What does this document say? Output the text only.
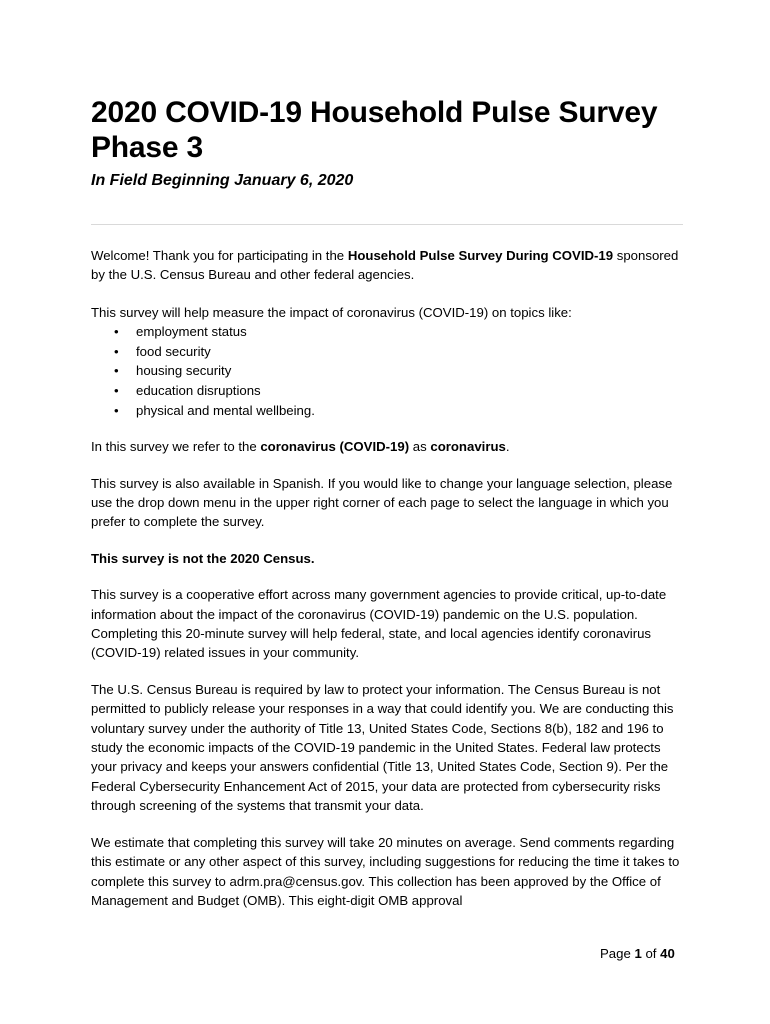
2020 COVID-19 Household Pulse Survey
Phase 3

In Field Beginning January 6, 2020

Welcome! Thank you for participating in the Household Pulse Survey During COVID-19 sponsored by the U.S. Census Bureau and other federal agencies.

This survey will help measure the impact of coronavirus (COVID-19) on topics like:

• employment status
• food security
• housing security
• education disruptions
• physical and mental wellbeing.

In this survey we refer to the coronavirus (COVID-19) as coronavirus.

This survey is also available in Spanish. If you would like to change your language selection, please use the drop down menu in the upper right corner of each page to select the language in which you prefer to complete the survey.

This survey is not the 2020 Census.

This survey is a cooperative effort across many government agencies to provide critical, up-to-date information about the impact of the coronavirus (COVID-19) pandemic on the U.S. population. Completing this 20-minute survey will help federal, state, and local agencies identify coronavirus (COVID-19) related issues in your community.

The U.S. Census Bureau is required by law to protect your information. The Census Bureau is not permitted to publicly release your responses in a way that could identify you. We are conducting this voluntary survey under the authority of Title 13, United States Code, Sections 8(b), 182 and 196 to study the economic impacts of the COVID-19 pandemic in the United States. Federal law protects your privacy and keeps your answers confidential (Title 13, United States Code, Section 9). Per the Federal Cybersecurity Enhancement Act of 2015, your data are protected from cybersecurity risks through screening of the systems that transmit your data.

We estimate that completing this survey will take 20 minutes on average. Send comments regarding this estimate or any other aspect of this survey, including suggestions for reducing the time it takes to complete this survey to adrm.pra@census.gov. This collection has been approved by the Office of Management and Budget (OMB). This eight-digit OMB approval

Page 1 of 40
